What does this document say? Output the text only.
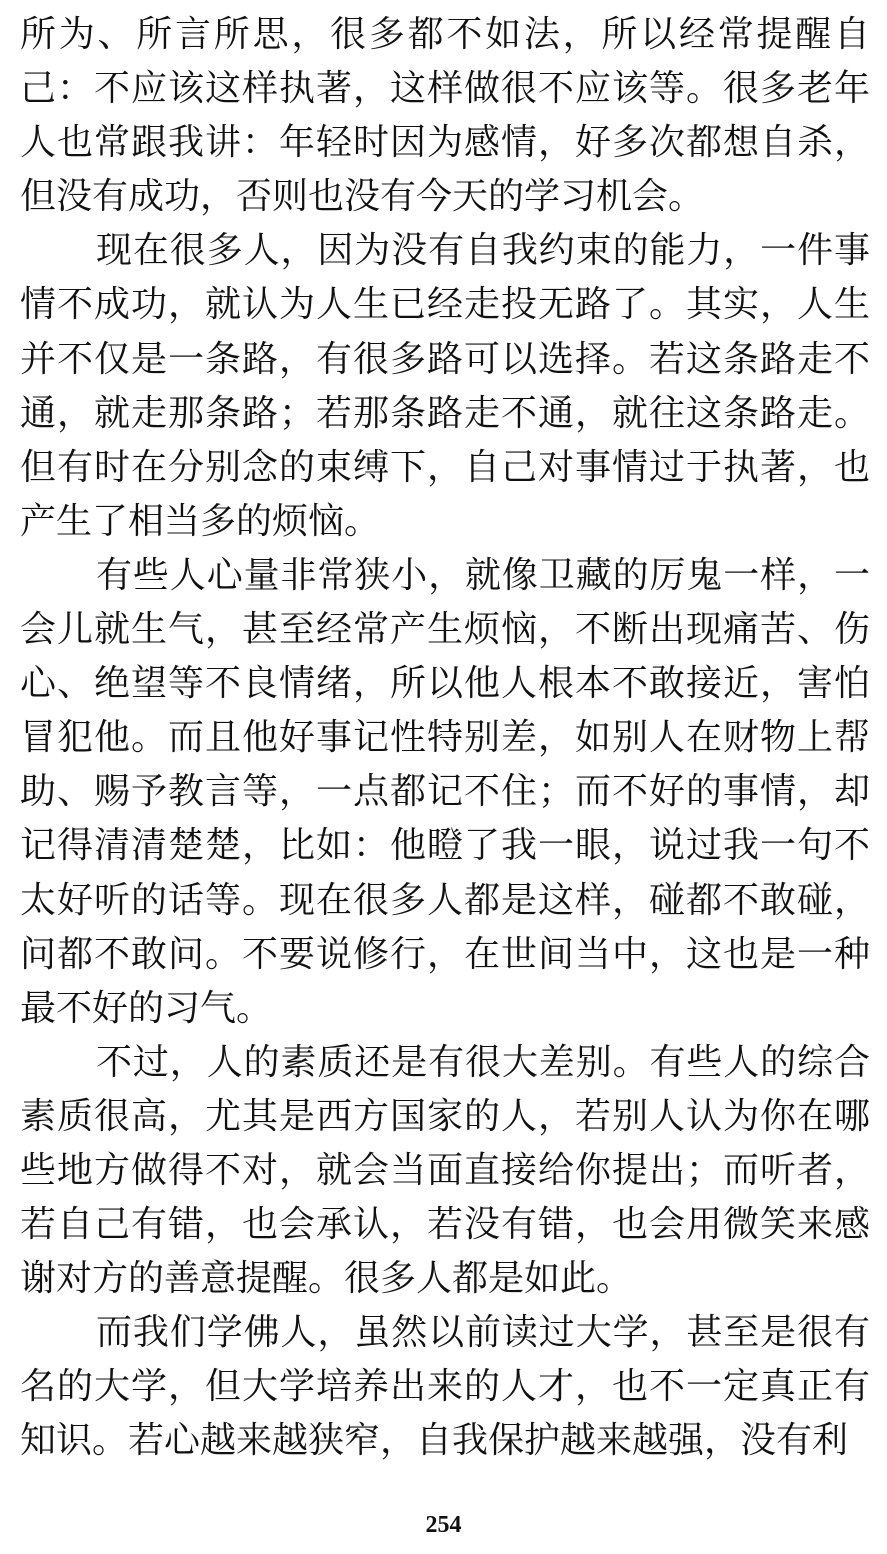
所为、所言所思，很多都不如法，所以经常提醒自己：不应该这样执著，这样做很不应该等。很多老年人也常跟我讲：年轻时因为感情，好多次都想自杀，但没有成功，否则也没有今天的学习机会。

现在很多人，因为没有自我约束的能力，一件事情不成功，就认为人生已经走投无路了。其实，人生并不仅是一条路，有很多路可以选择。若这条路走不通，就走那条路；若那条路走不通，就往这条路走。但有时在分别念的束缚下，自己对事情过于执著，也产生了相当多的烦恼。

有些人心量非常狭小，就像卫藏的厉鬼一样，一会儿就生气，甚至经常产生烦恼，不断出现痛苦、伤心、绝望等不良情绪，所以他人根本不敢接近，害怕冒犯他。而且他好事记性特别差，如别人在财物上帮助、赐予教言等，一点都记不住；而不好的事情，却记得清清楚楚，比如：他瞪了我一眼，说过我一句不太好听的话等。现在很多人都是这样，碰都不敢碰，问都不敢问。不要说修行，在世间当中，这也是一种最不好的习气。

不过，人的素质还是有很大差别。有些人的综合素质很高，尤其是西方国家的人，若别人认为你在哪些地方做得不对，就会当面直接给你提出；而听者，若自己有错，也会承认，若没有错，也会用微笑来感谢对方的善意提醒。很多人都是如此。

而我们学佛人，虽然以前读过大学，甚至是很有名的大学，但大学培养出来的人才，也不一定真正有知识。若心越来越狭窄，自我保护越来越强，没有利

254
